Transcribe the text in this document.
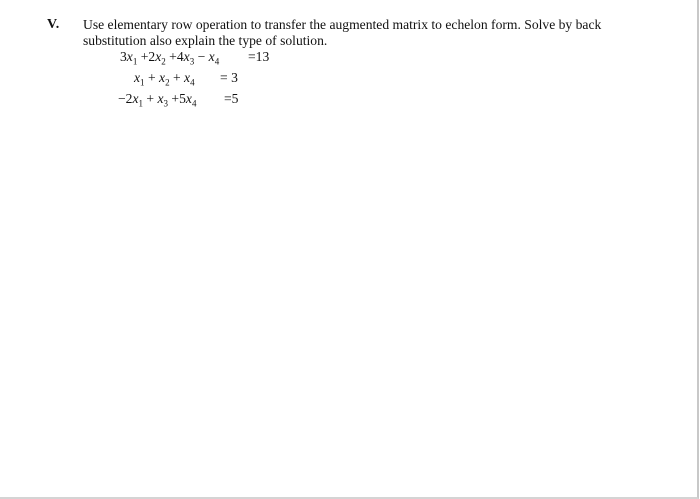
V. Use elementary row operation to transfer the augmented matrix to echelon form. Solve by back substitution also explain the type of solution.
$3x_1 +2x_2 +4x_3 - x_4 =13$
$x_1 + x_2 + x_4 = 3$
$-2x_1 + x_3 +5x_4 =5$
